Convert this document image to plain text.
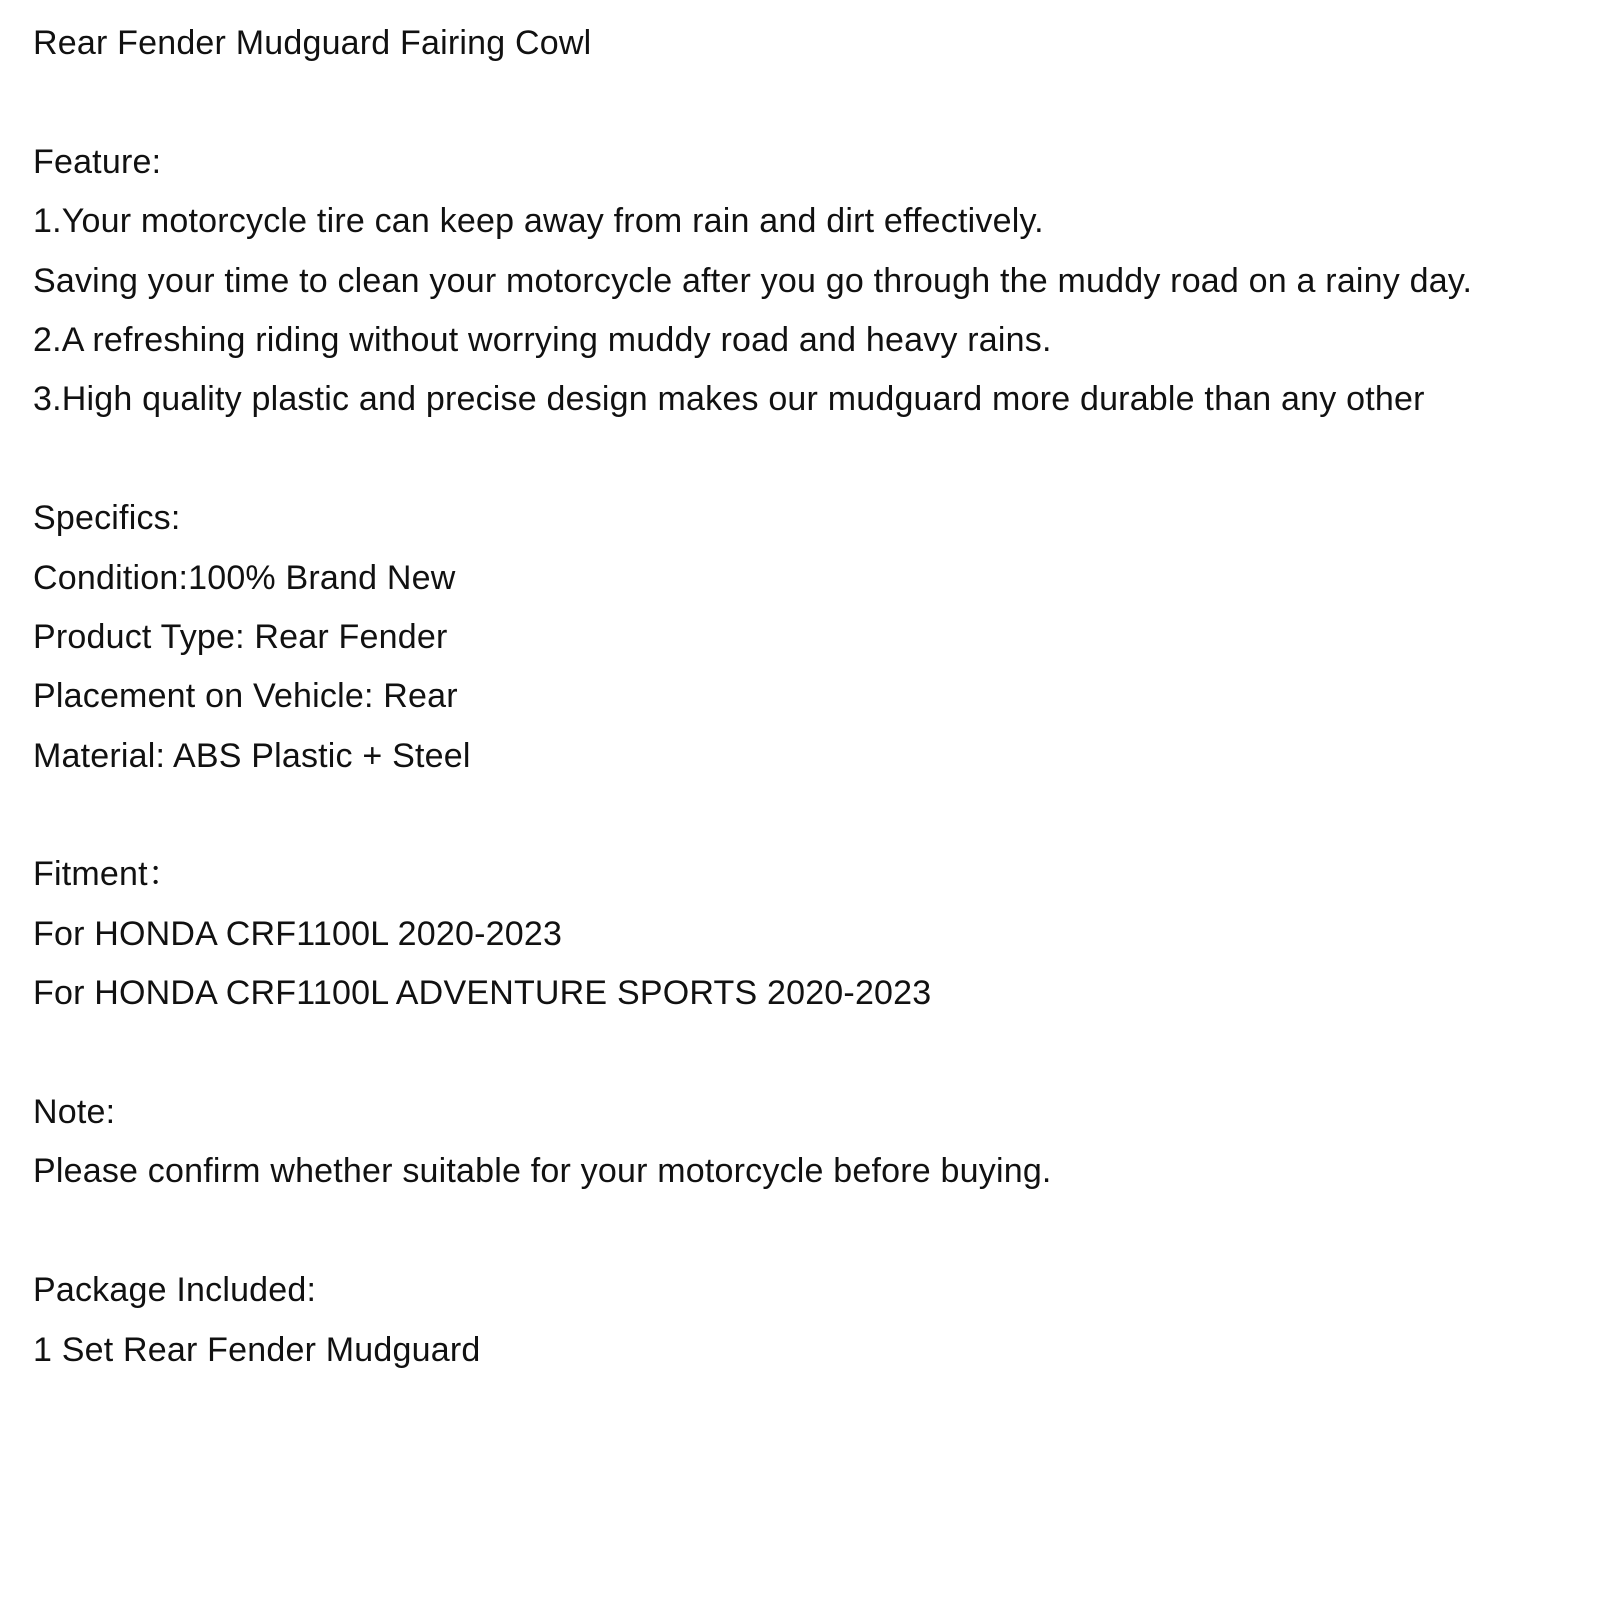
Rear Fender Mudguard Fairing Cowl
Feature:
1.Your motorcycle tire can keep away from rain and dirt effectively.
Saving your time to clean your motorcycle after you go through the muddy road on a rainy day.
2.A refreshing riding without worrying muddy road and heavy rains.
3.High quality plastic and precise design makes our mudguard more durable than any other
Specifics:
Condition:100% Brand New
Product Type: Rear Fender
Placement on Vehicle: Rear
Material: ABS Plastic + Steel
Fitment：
For HONDA CRF1100L 2020-2023
For HONDA CRF1100L ADVENTURE SPORTS 2020-2023
Note:
Please confirm whether suitable for your motorcycle before buying.
Package Included:
1 Set Rear Fender Mudguard
